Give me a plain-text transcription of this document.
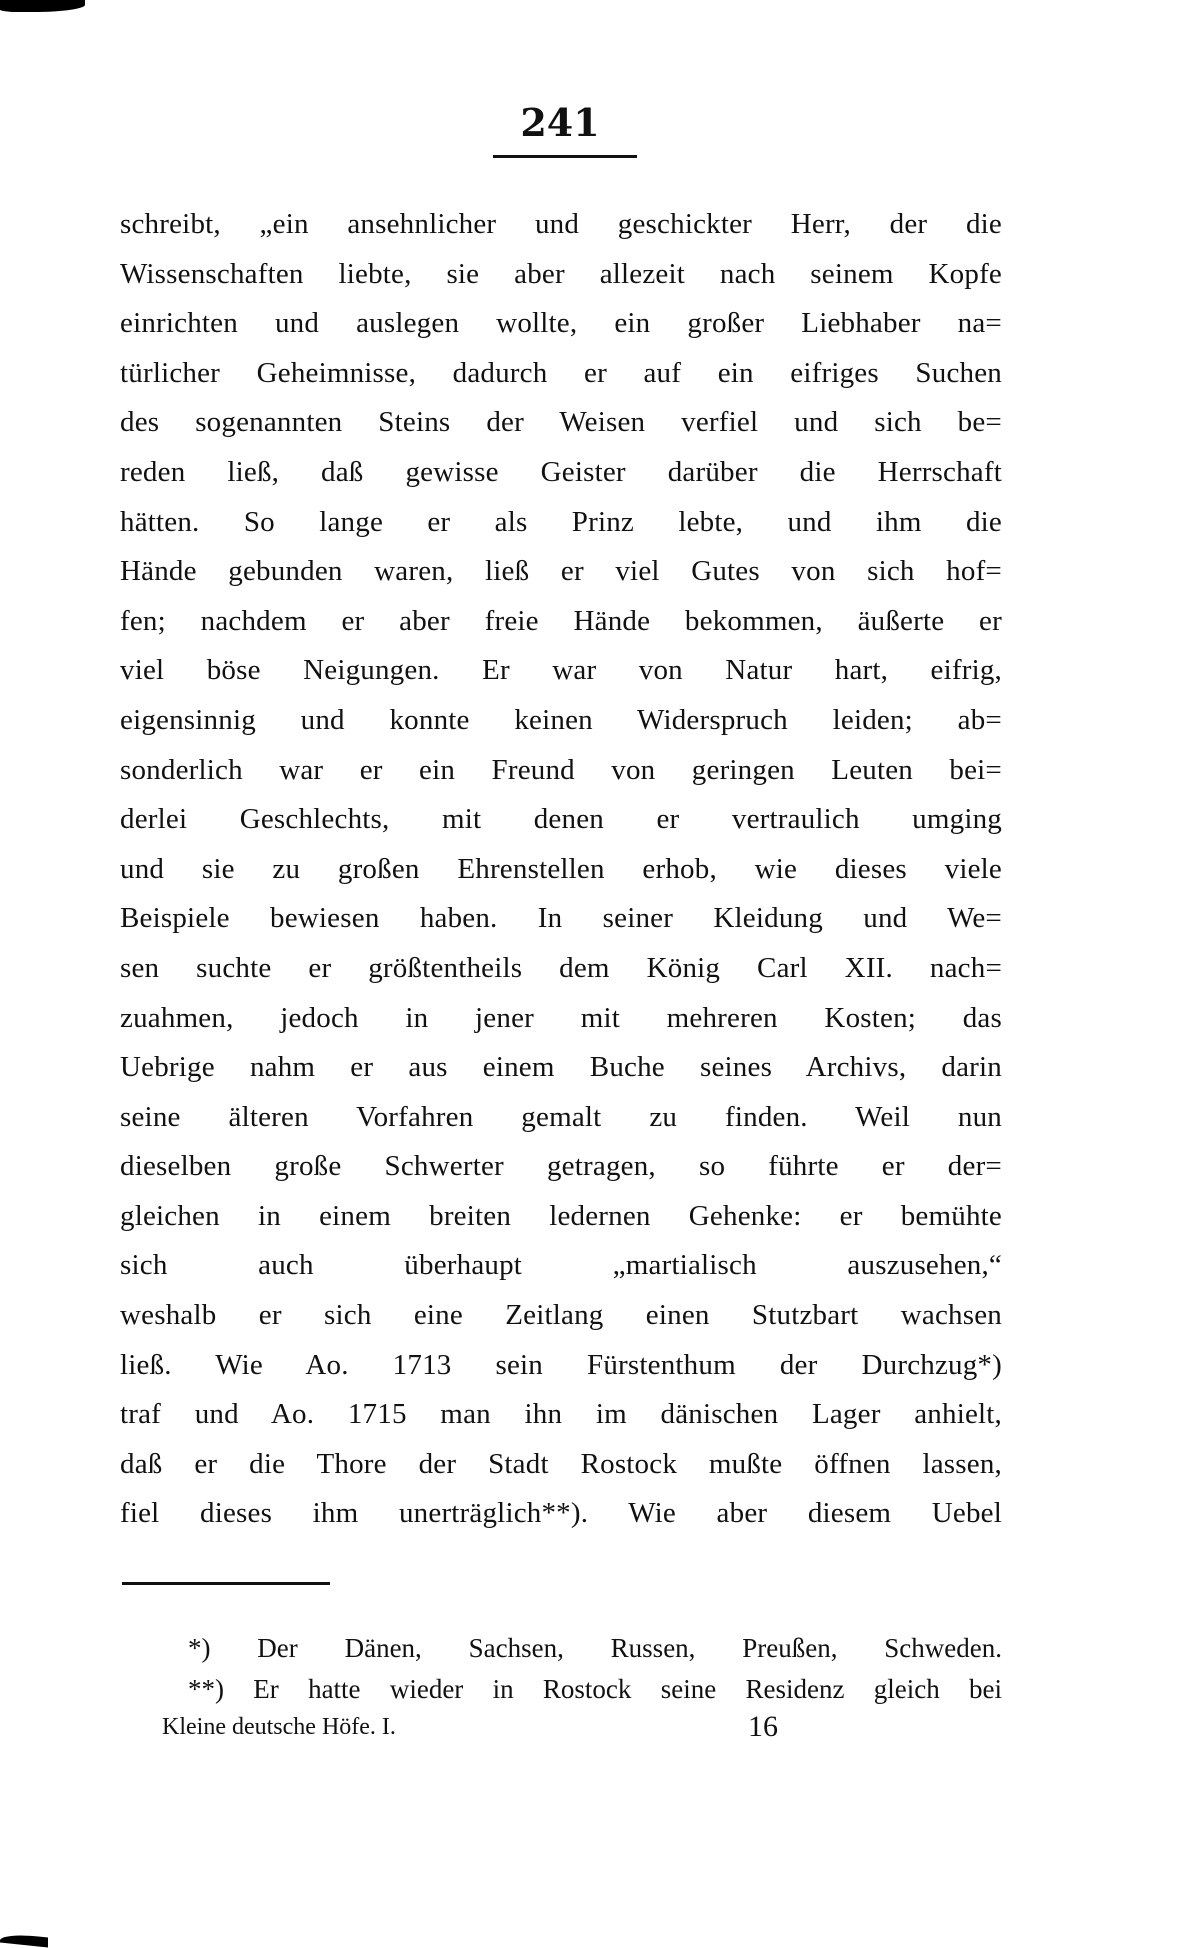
241
schreibt, „ein ansehnlicher und geschickter Herr, der die
Wissenschaften liebte, sie aber allezeit nach seinem Kopfe
einrichten und auslegen wollte, ein großer Liebhaber na=
türlicher Geheimnisse, dadurch er auf ein eifriges Suchen
des sogenannten Steins der Weisen verfiel und sich be=
reden ließ, daß gewisse Geister darüber die Herrschaft
hätten. So lange er als Prinz lebte, und ihm die
Hände gebunden waren, ließ er viel Gutes von sich hof=
fen; nachdem er aber freie Hände bekommen, äußerte er
viel böse Neigungen. Er war von Natur hart, eifrig,
eigensinnig und konnte keinen Widerspruch leiden; ab=
sonderlich war er ein Freund von geringen Leuten bei=
derlei Geschlechts, mit denen er vertraulich umging
und sie zu großen Ehrenstellen erhob, wie dieses viele
Beispiele bewiesen haben. In seiner Kleidung und We=
sen suchte er größtentheils dem König Carl XII. nach=
zuahmen, jedoch in jener mit mehreren Kosten; das
Uebrige nahm er aus einem Buche seines Archivs, darin
seine älteren Vorfahren gemalt zu finden. Weil nun
dieselben große Schwerter getragen, so führte er der=
gleichen in einem breiten ledernen Gehenke: er bemühte
sich auch überhaupt „martialisch auszusehen,“
weshalb er sich eine Zeitlang einen Stutzbart wachsen
ließ. Wie Ao. 1713 sein Fürstenthum der Durchzug*)
traf und Ao. 1715 man ihn im dänischen Lager anhielt,
daß er die Thore der Stadt Rostock mußte öffnen lassen,
fiel dieses ihm unerträglich**). Wie aber diesem Uebel
*) Der Dänen, Sachsen, Russen, Preußen, Schweden.
**) Er hatte wieder in Rostock seine Residenz gleich bei
Kleine deutsche Höfe. I.	16
